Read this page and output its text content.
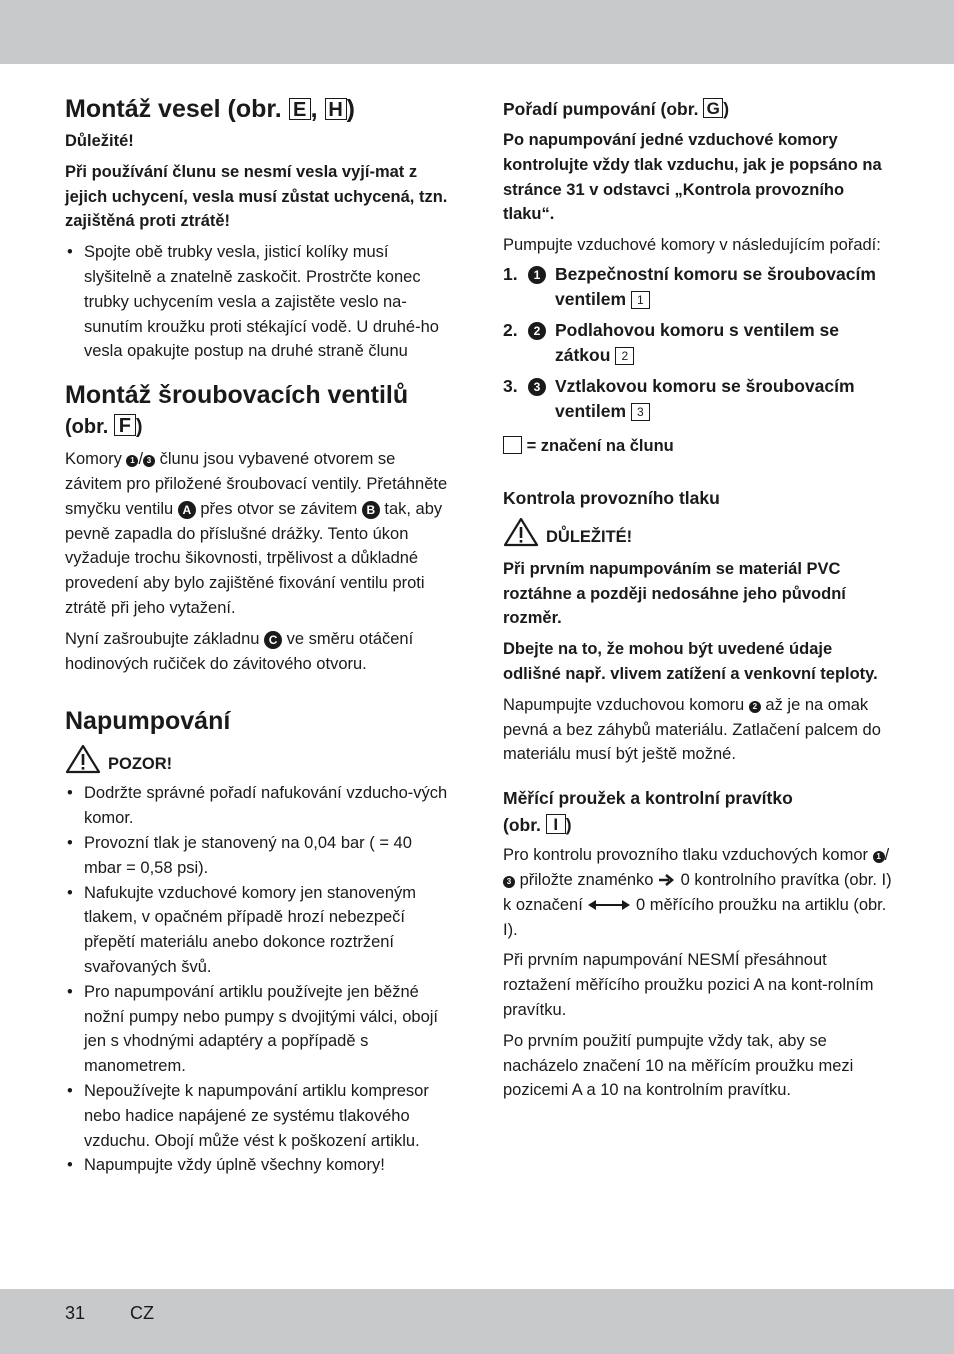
Montáž vesel (obr. E , H )

Důležité!

Při používání člunu se nesmí vesla vyjí-mat z jejich uchycení, vesla musí zůstat uchycená, tzn. zajištěná proti ztrátě!

• Spojte obě trubky vesla, jisticí kolíky musí slyšitelně a znatelně zaskočit. Prostrčte konec trubky uchycením vesla a zajistěte veslo na-sunutím kroužku proti stékající vodě. U druhé-ho vesla opakujte postup na druhé straně člunu
Montáž šroubovacích ventilů

(obr. F )

Komory 1 / 3 člunu jsou vybavené otvorem se závitem pro přiložené šroubovací ventily. Přetáhněte smyčku ventilu A přes otvor se závitem B tak, aby pevně zapadla do příslušné drážky. Tento úkon vyžaduje trochu šikovnosti, trpělivost a důkladné provedení aby bylo zajištěné fixování ventilu proti ztrátě při jeho vytažení.

Nyní zašroubujte základnu C ve směru otáčení hodinových ručiček do závitového otvoru.

Napumpování
POZOR!
• Dodržte správné pořadí nafukování vzducho-vých komor.
• Provozní tlak je stanovený na 0,04 bar ( = 40 mbar = 0,58 psi).
• Nafukujte vzduchové komory jen stanoveným tlakem, v opačném případě hrozí nebezpečí přepětí materiálu anebo dokonce roztržení svařovaných švů.
• Pro napumpování artiklu používejte jen běžné nožní pumpy nebo pumpy s dvojitými válci, obojí jen s vhodnými adaptéry a popřípadě s manometrem.
• Nepoužívejte k napumpování artiklu kompresor nebo hadice napájené ze systému tlakového vzduchu. Obojí může vést k poškození artiklu.
• Napumpujte vždy úplně všechny komory!
Pořadí pumpování (obr. G )

Po napumpování jedné vzduchové komory kontrolujte vždy tlak vzduchu, jak je popsáno na stránce 31 v odstavci „Kontrola provozního tlaku“.

Pumpujte vzduchové komory v následujícím pořadí:

1.	1 Bezpečnostní komoru se šroubovacím ventilem 1
2.	2 Podlahovou komoru s ventilem se zátkou 2
3.	3 Vztlakovou komoru se šroubovacím ventilem 3

= značení na člunu

Kontrola provozního tlaku
DŮLEŽITÉ!

Při prvním napumpováním se materiál PVC roztáhne a později nedosáhne jeho původní rozměr.

Dbejte na to, že mohou být uvedené údaje odlišné např. vlivem zatížení a venkovní teploty.

Napumpujte vzduchovou komoru 2 až je na omak pevná a bez záhybů materiálu. Zatlačení palcem do materiálu musí být ještě možné.

Měřící proužek a kontrolní pravítko

(obr. I )

Pro kontrolu provozního tlaku vzduchových komor 1 /3 přiložte znaménko  0 kontrolního pravítka (obr. I) k označení	0 měřícího proužku na artiklu (obr. I).

Při prvním napumpování NESMÍ přesáhnout roztažení měřícího proužku pozici A na kont-rolním pravítku.

Po prvním použití pumpujte vždy tak, aby se nacházelo značení 10 na měřícím proužku mezi pozicemi A a 10 na kontrolním pravítku.

31 CZ
